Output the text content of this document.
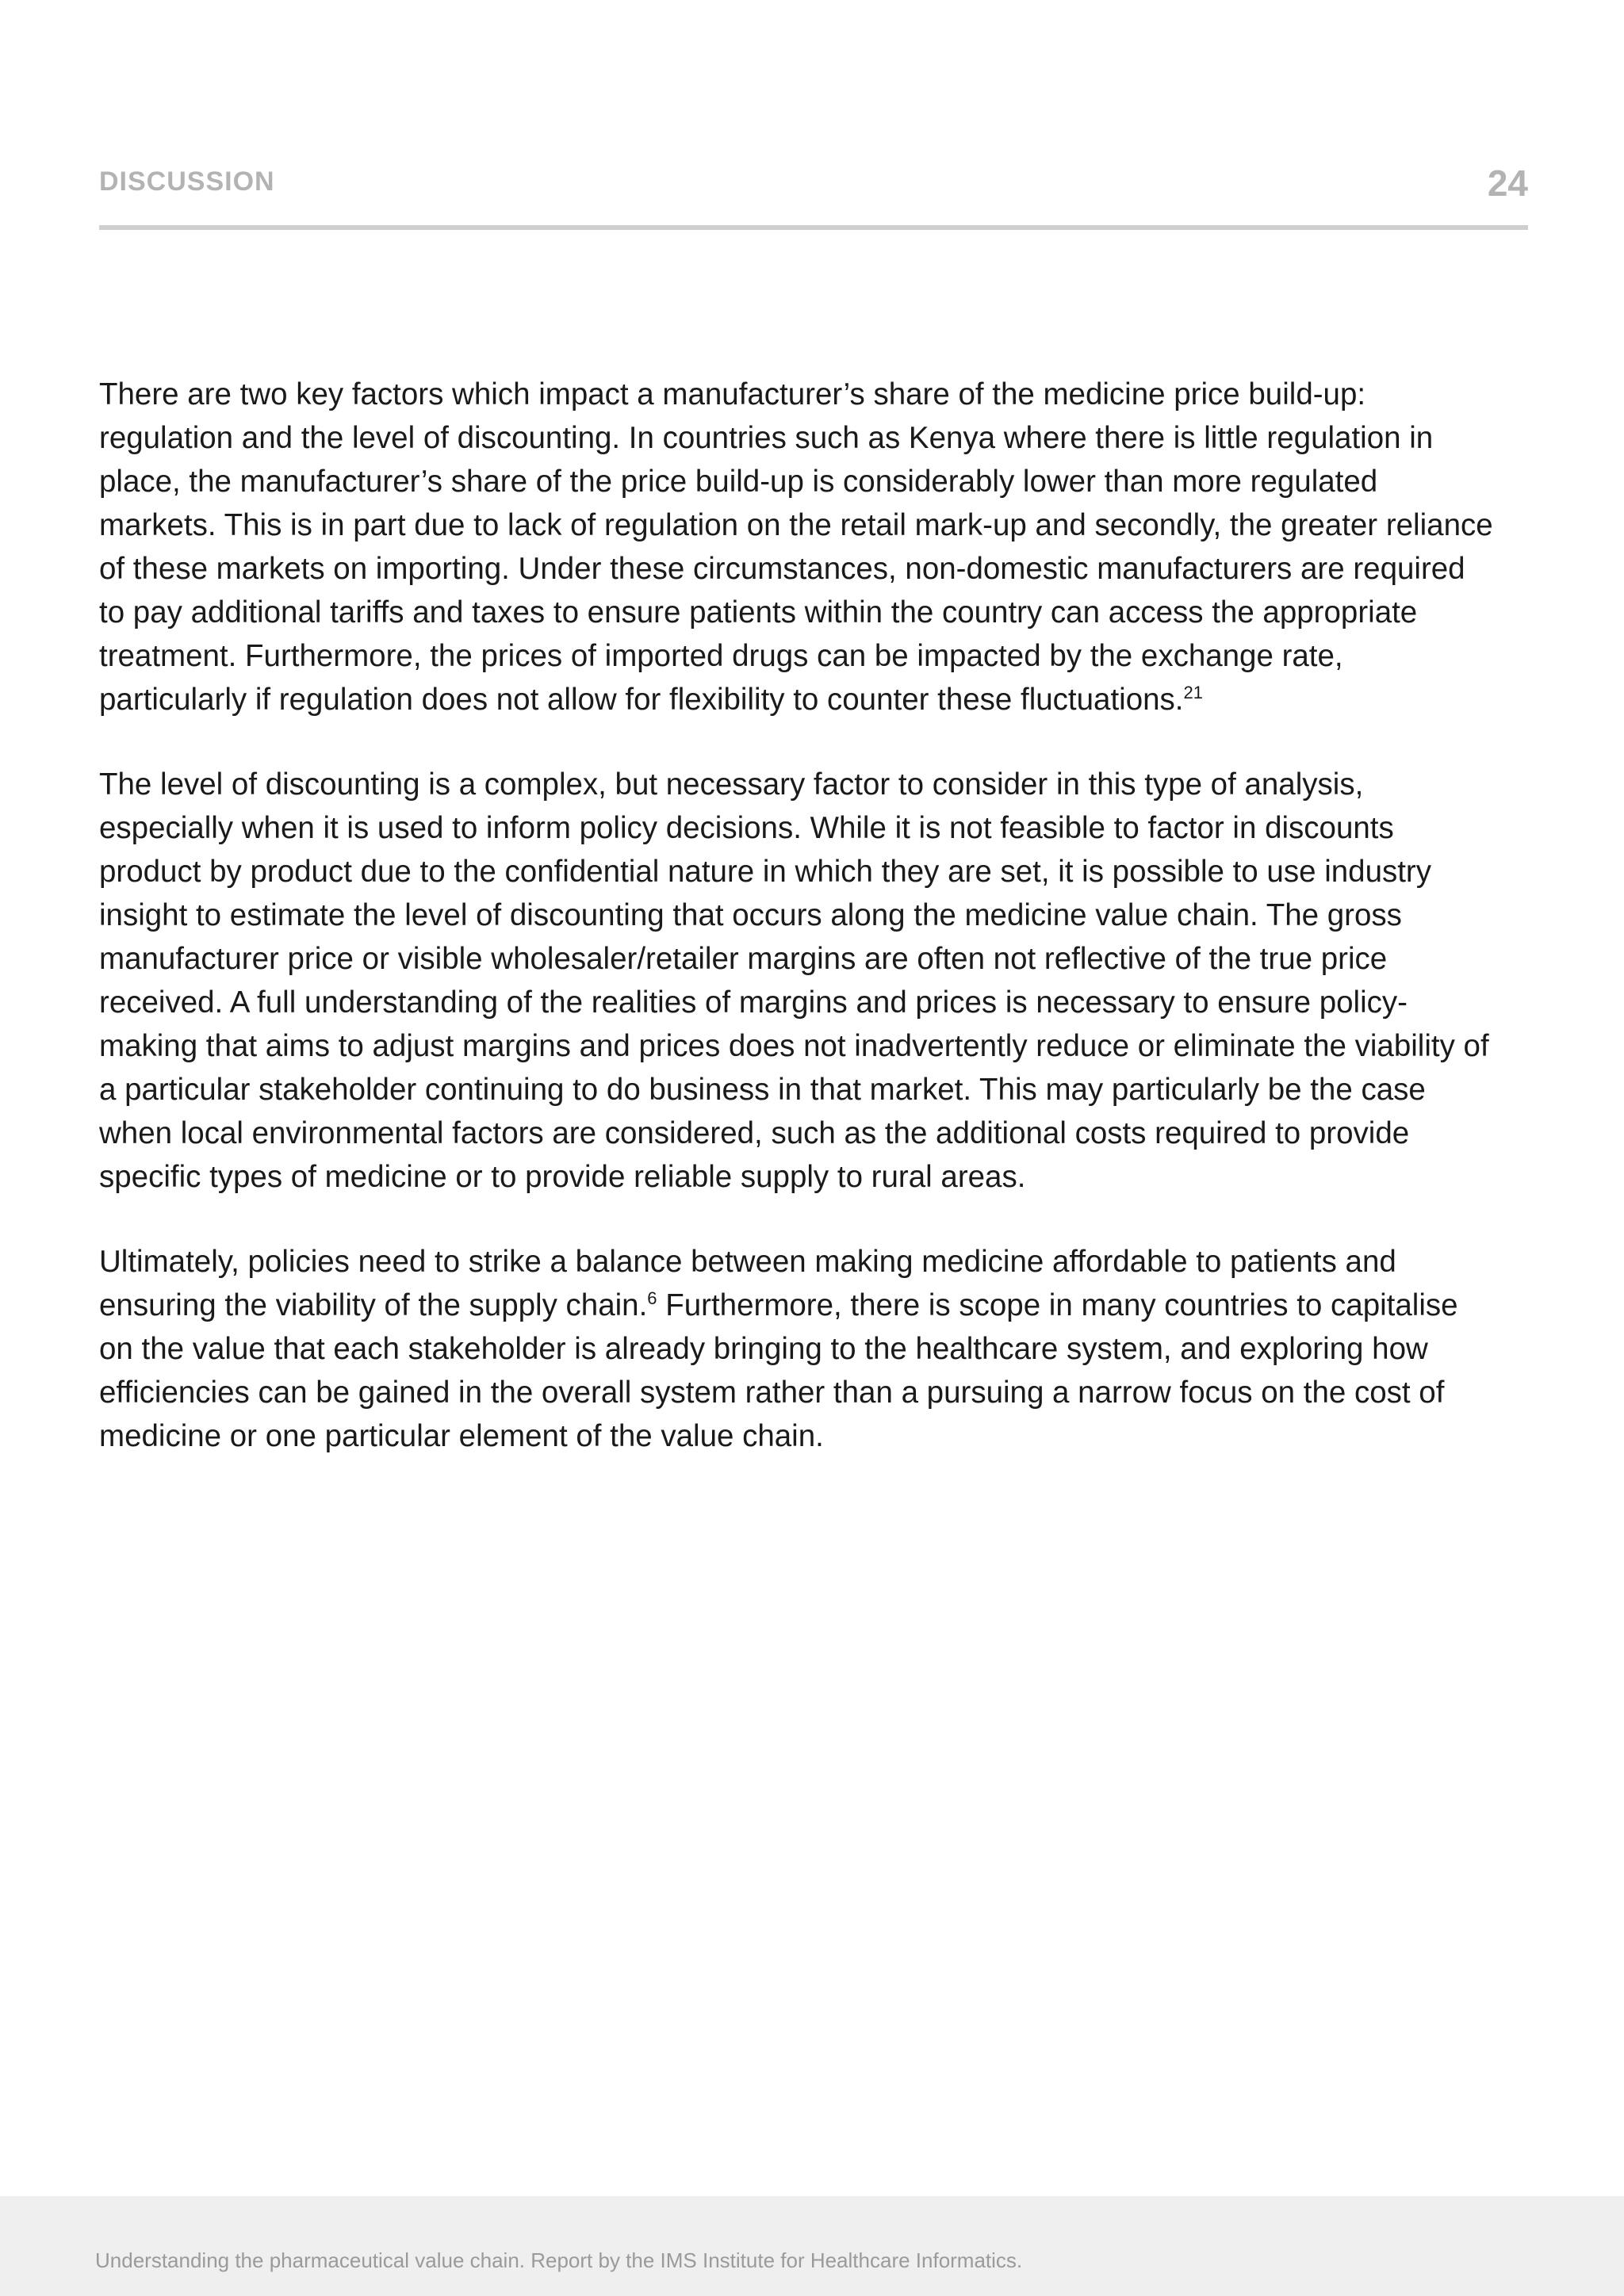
DISCUSSION	24

There are two key factors which impact a manufacturer’s share of the medicine price build-up: regulation and the level of discounting. In countries such as Kenya where there is little regulation in place, the manufacturer’s share of the price build-up is considerably lower than more regulated markets. This is in part due to lack of regulation on the retail mark-up and secondly, the greater reliance of these markets on importing. Under these circumstances, non-domestic manufacturers are required to pay additional tariffs and taxes to ensure patients within the country can access the appropriate treatment. Furthermore, the prices of imported drugs can be impacted by the exchange rate, particularly if regulation does not allow for flexibility to counter these fluctuations.$^{21}$

The level of discounting is a complex, but necessary factor to consider in this type of analysis, especially when it is used to inform policy decisions. While it is not feasible to factor in discounts product by product due to the confidential nature in which they are set, it is possible to use industry insight to estimate the level of discounting that occurs along the medicine value chain. The gross manufacturer price or visible wholesaler/retailer margins are often not reflective of the true price received. A full understanding of the realities of margins and prices is necessary to ensure policy-making that aims to adjust margins and prices does not inadvertently reduce or eliminate the viability of a particular stakeholder continuing to do business in that market. This may particularly be the case when local environmental factors are considered, such as the additional costs required to provide specific types of medicine or to provide reliable supply to rural areas.

Ultimately, policies need to strike a balance between making medicine affordable to patients and ensuring the viability of the supply chain.$^6$ Furthermore, there is scope in many countries to capitalise on the value that each stakeholder is already bringing to the healthcare system, and exploring how efficiencies can be gained in the overall system rather than a pursuing a narrow focus on the cost of medicine or one particular element of the value chain.

Understanding the pharmaceutical value chain. Report by the IMS Institute for Healthcare Informatics.
